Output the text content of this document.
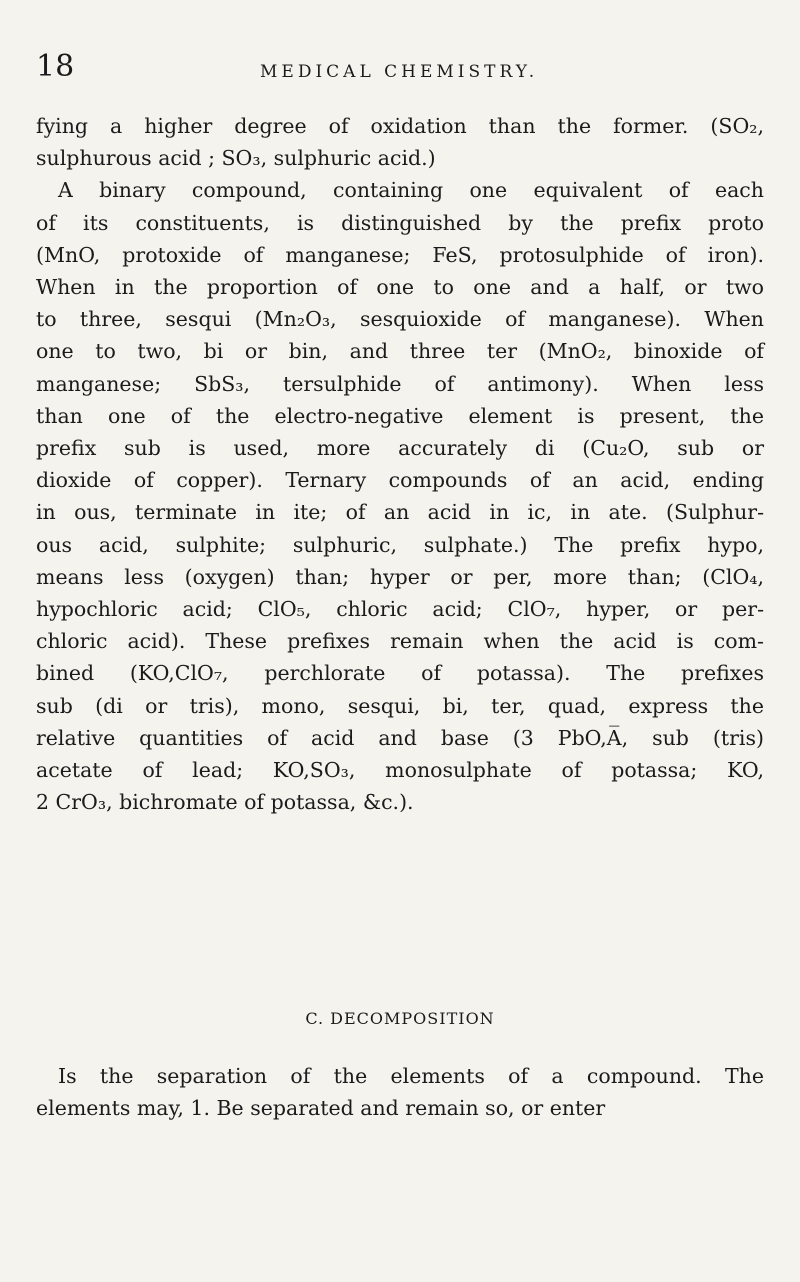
18	MEDICAL CHEMISTRY.

fying a higher degree of oxidation than the former. (SO₂,
sulphurous acid ; SO₃, sulphuric acid.)

A binary compound, containing one equivalent of each
of its constituents, is distinguished by the prefix proto
(MnO, protoxide of manganese; FeS, protosulphide of iron).
When in the proportion of one to one and a half, or two
to three, sesqui (Mn₂O₃, sesquioxide of manganese). When
one to two, bi or bin, and three ter (MnO₂, binoxide of
manganese; SbS₃, tersulphide of antimony). When less
than one of the electro-negative element is present, the
prefix sub is used, more accurately di (Cu₂O, sub or
dioxide of copper). Ternary compounds of an acid, ending
in ous, terminate in ite; of an acid in ic, in ate. (Sulphur-
ous acid, sulphite; sulphuric, sulphate.) The prefix hypo,
means less (oxygen) than; hyper or per, more than; (ClO₄,
hypochloric acid; ClO₅, chloric acid; ClO₇, hyper, or per-
chloric acid). These prefixes remain when the acid is com-
bined (KO,ClO₇, perchlorate of potassa). The prefixes
sub (di or tris), mono, sesqui, bi, ter, quad, express the
relative quantities of acid and base (3 PbO,A̅, sub (tris)
acetate of lead; KO,SO₃, monosulphate of potassa; KO,
2 CrO₃, bichromate of potassa, &c.).

C. DECOMPOSITION

Is the separation of the elements of a compound. The
elements may, 1. Be separated and remain so, or enter
